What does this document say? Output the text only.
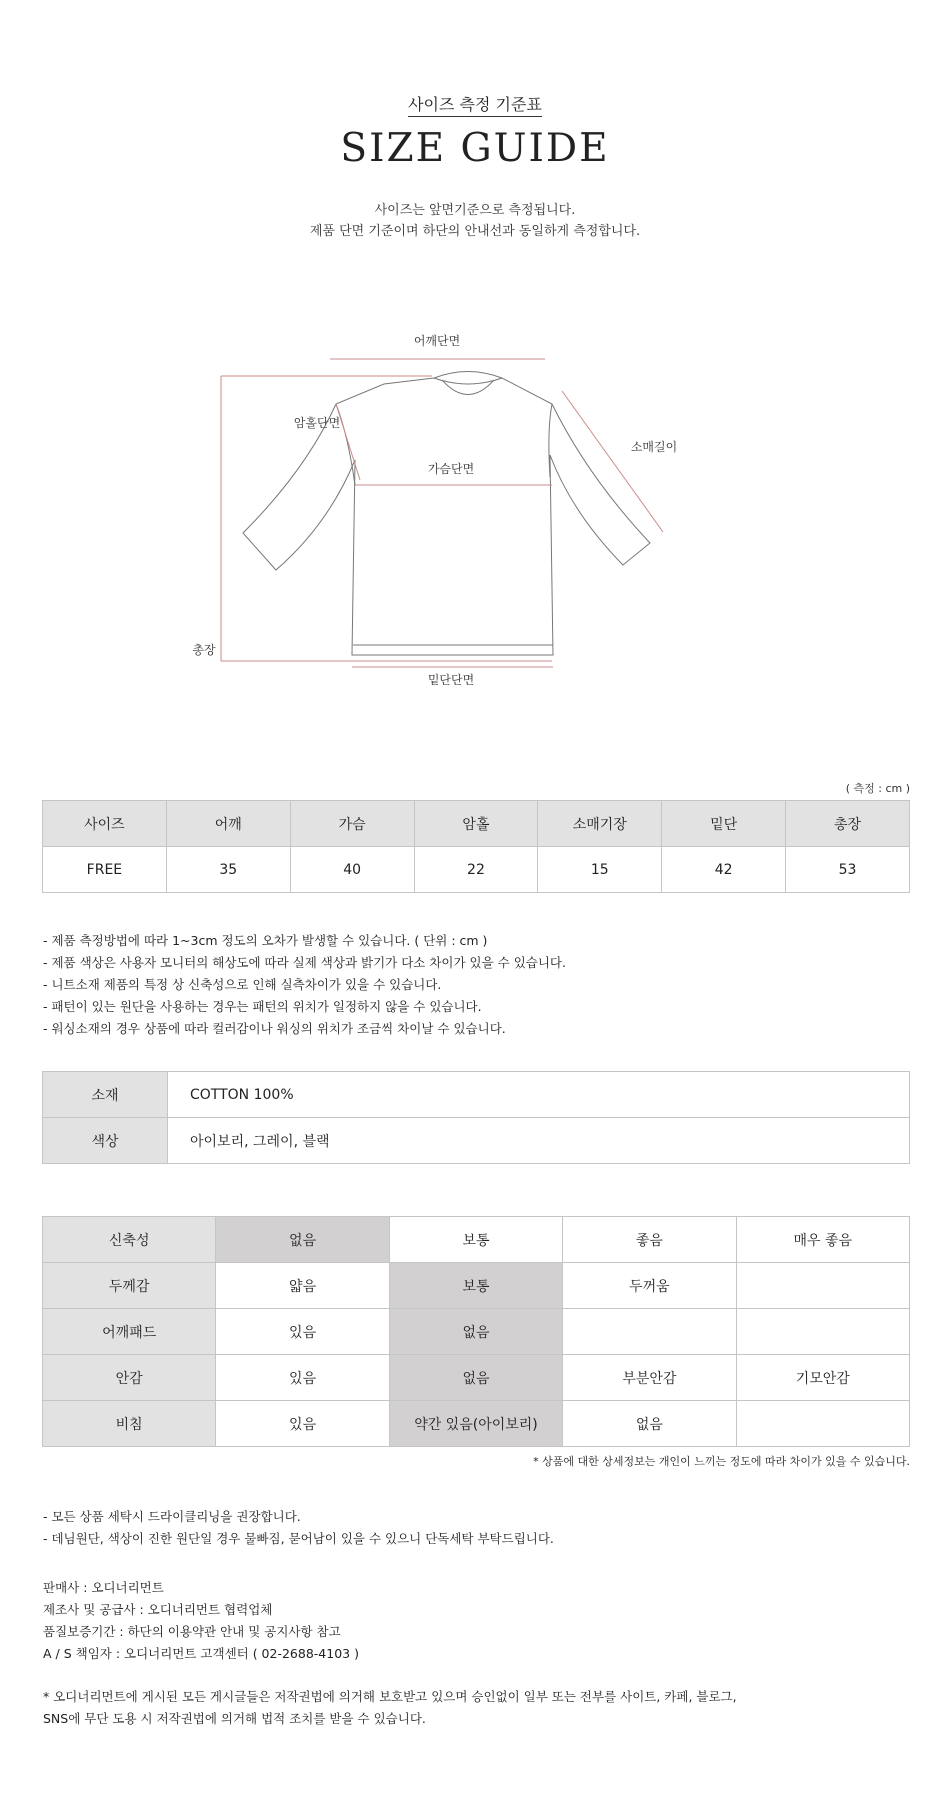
사이즈 측정 기준표
SIZE GUIDE
사이즈는 앞면기준으로 측정됩니다.
제품 단면 기준이며 하단의 안내선과 동일하게 측정합니다.
어깨단면
암홀단면
가슴단면
소매길이
총장
밑단단면
( 측정 : cm )
사이즈	어깨	가슴	암홀	소매기장	밑단	총장
FREE	35	40	22	15	42	53
- 제품 측정방법에 따라 1~3cm 정도의 오차가 발생할 수 있습니다. ( 단위 : cm )
- 제품 색상은 사용자 모니터의 해상도에 따라 실제 색상과 밝기가 다소 차이가 있을 수 있습니다.
- 니트소재 제품의 특정 상 신축성으로 인해 실측차이가 있을 수 있습니다.
- 패턴이 있는 원단을 사용하는 경우는 패턴의 위치가 일정하지 않을 수 있습니다.
- 워싱소재의 경우 상품에 따라 컬러감이나 워싱의 위치가 조금씩 차이날 수 있습니다.
소재	COTTON 100%
색상	아이보리, 그레이, 블랙
신축성	없음	보통	좋음	매우 좋음
두께감	얇음	보통	두꺼움	
어깨패드	있음	없음		
안감	있음	없음	부분안감	기모안감
비침	있음	약간 있음(아이보리)	없음	
* 상품에 대한 상세정보는 개인이 느끼는 정도에 따라 차이가 있을 수 있습니다.
- 모든 상품 세탁시 드라이클리닝을 권장합니다.
- 데님원단, 색상이 진한 원단일 경우 물빠짐, 묻어남이 있을 수 있으니 단독세탁 부탁드립니다.
판매사 : 오디너리먼트
제조사 및 공급사 : 오디너리먼트 협력업체
품질보증기간 : 하단의 이용약관 안내 및 공지사항 참고
A / S 책임자 : 오디너리먼트 고객센터 ( 02-2688-4103 )
* 오디너리먼트에 게시된 모든 게시글들은 저작권법에 의거해 보호받고 있으며 승인없이 일부 또는 전부를 사이트, 카페, 블로그,
SNS에 무단 도용 시 저작권법에 의거해 법적 조치를 받을 수 있습니다.
